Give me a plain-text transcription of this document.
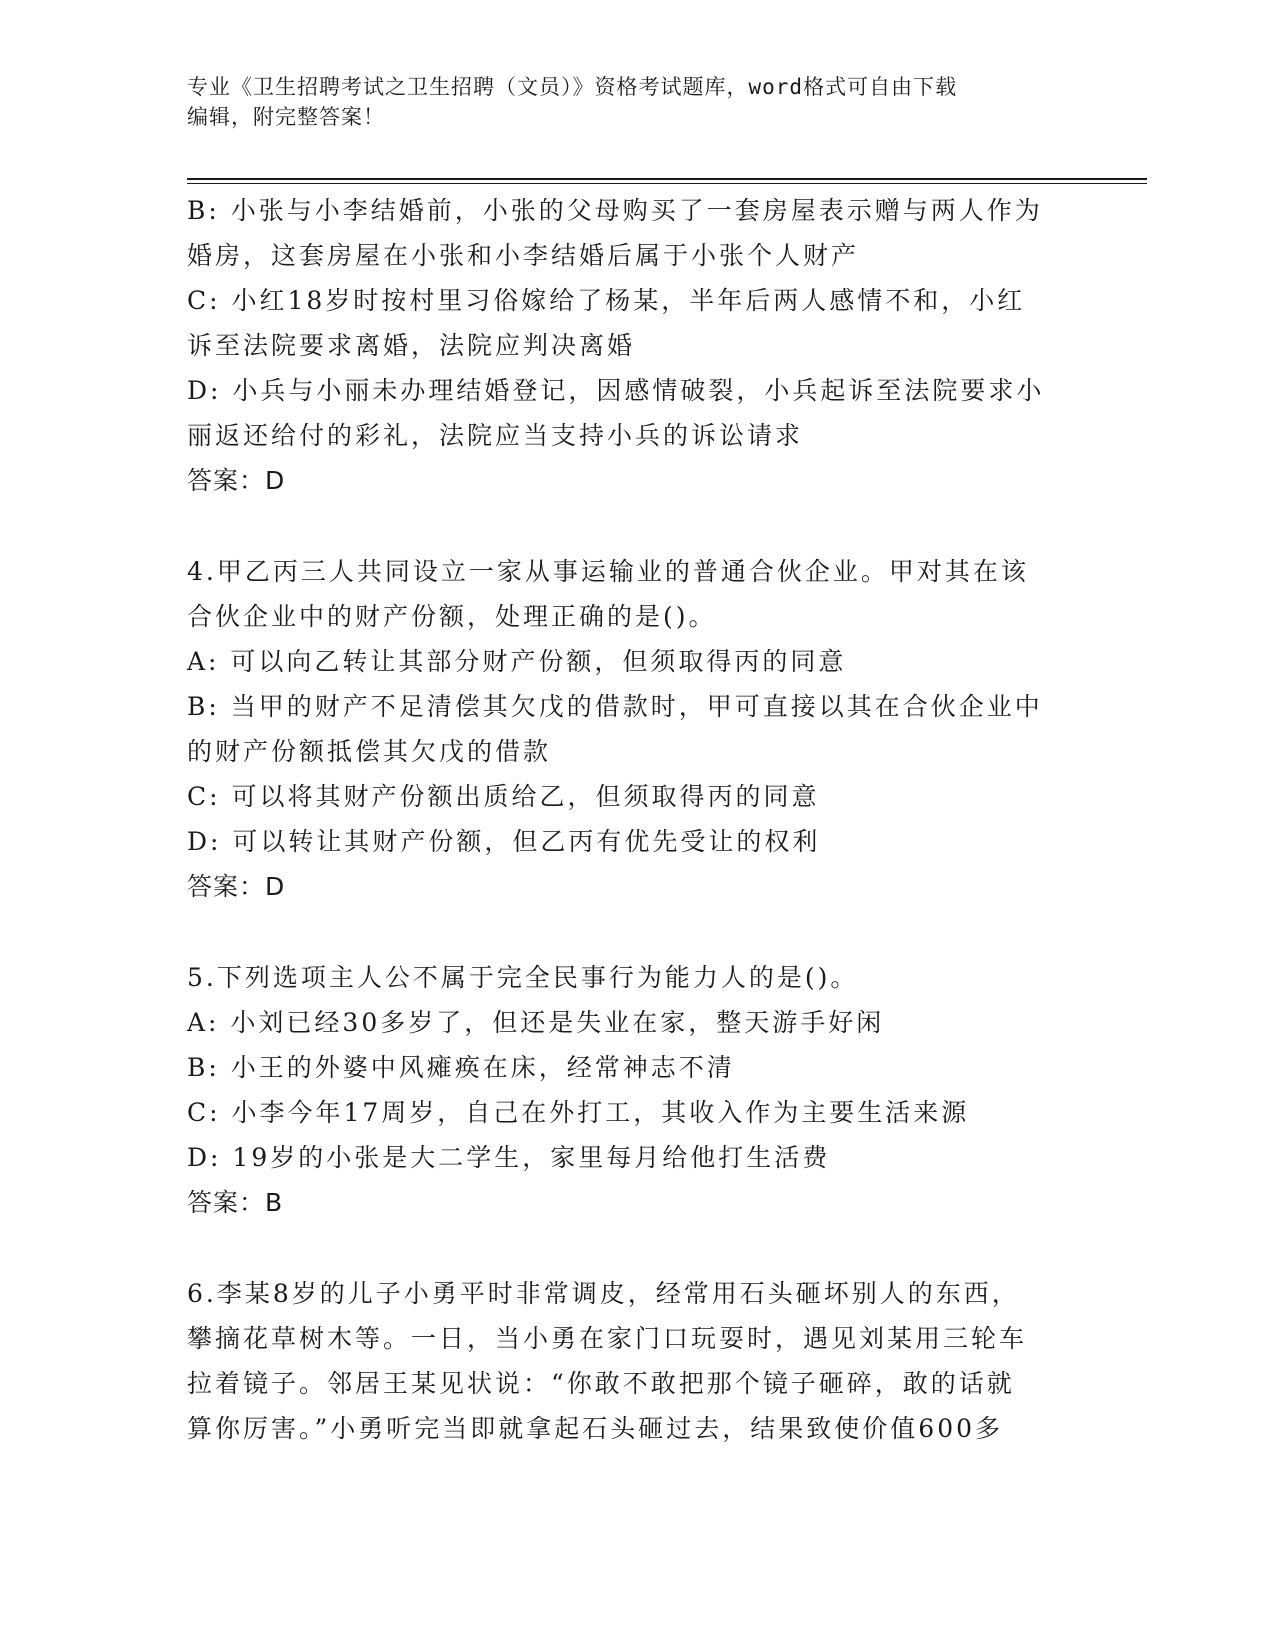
专业《卫生招聘考试之卫生招聘（文员）》资格考试题库，word格式可自由下载
编辑，附完整答案！
B: 小张与小李结婚前，小张的父母购买了一套房屋表示赠与两人作为
婚房，这套房屋在小张和小李结婚后属于小张个人财产
C: 小红18岁时按村里习俗嫁给了杨某，半年后两人感情不和，小红
诉至法院要求离婚，法院应判决离婚
D: 小兵与小丽未办理结婚登记，因感情破裂，小兵起诉至法院要求小
丽返还给付的彩礼，法院应当支持小兵的诉讼请求
答案：D
4.甲乙丙三人共同设立一家从事运输业的普通合伙企业。甲对其在该
合伙企业中的财产份额，处理正确的是()。
A: 可以向乙转让其部分财产份额，但须取得丙的同意
B: 当甲的财产不足清偿其欠戊的借款时，甲可直接以其在合伙企业中
的财产份额抵偿其欠戊的借款
C: 可以将其财产份额出质给乙，但须取得丙的同意
D: 可以转让其财产份额，但乙丙有优先受让的权利
答案：D
5.下列选项主人公不属于完全民事行为能力人的是()。
A: 小刘已经30多岁了，但还是失业在家，整天游手好闲
B: 小王的外婆中风瘫痪在床，经常神志不清
C: 小李今年17周岁，自己在外打工，其收入作为主要生活来源
D: 19岁的小张是大二学生，家里每月给他打生活费
答案：B
6.李某8岁的儿子小勇平时非常调皮，经常用石头砸坏别人的东西，
攀摘花草树木等。一日，当小勇在家门口玩耍时，遇见刘某用三轮车
拉着镜子。邻居王某见状说：“你敢不敢把那个镜子砸碎，敢的话就
算你厉害。”小勇听完当即就拿起石头砸过去，结果致使价值600多
